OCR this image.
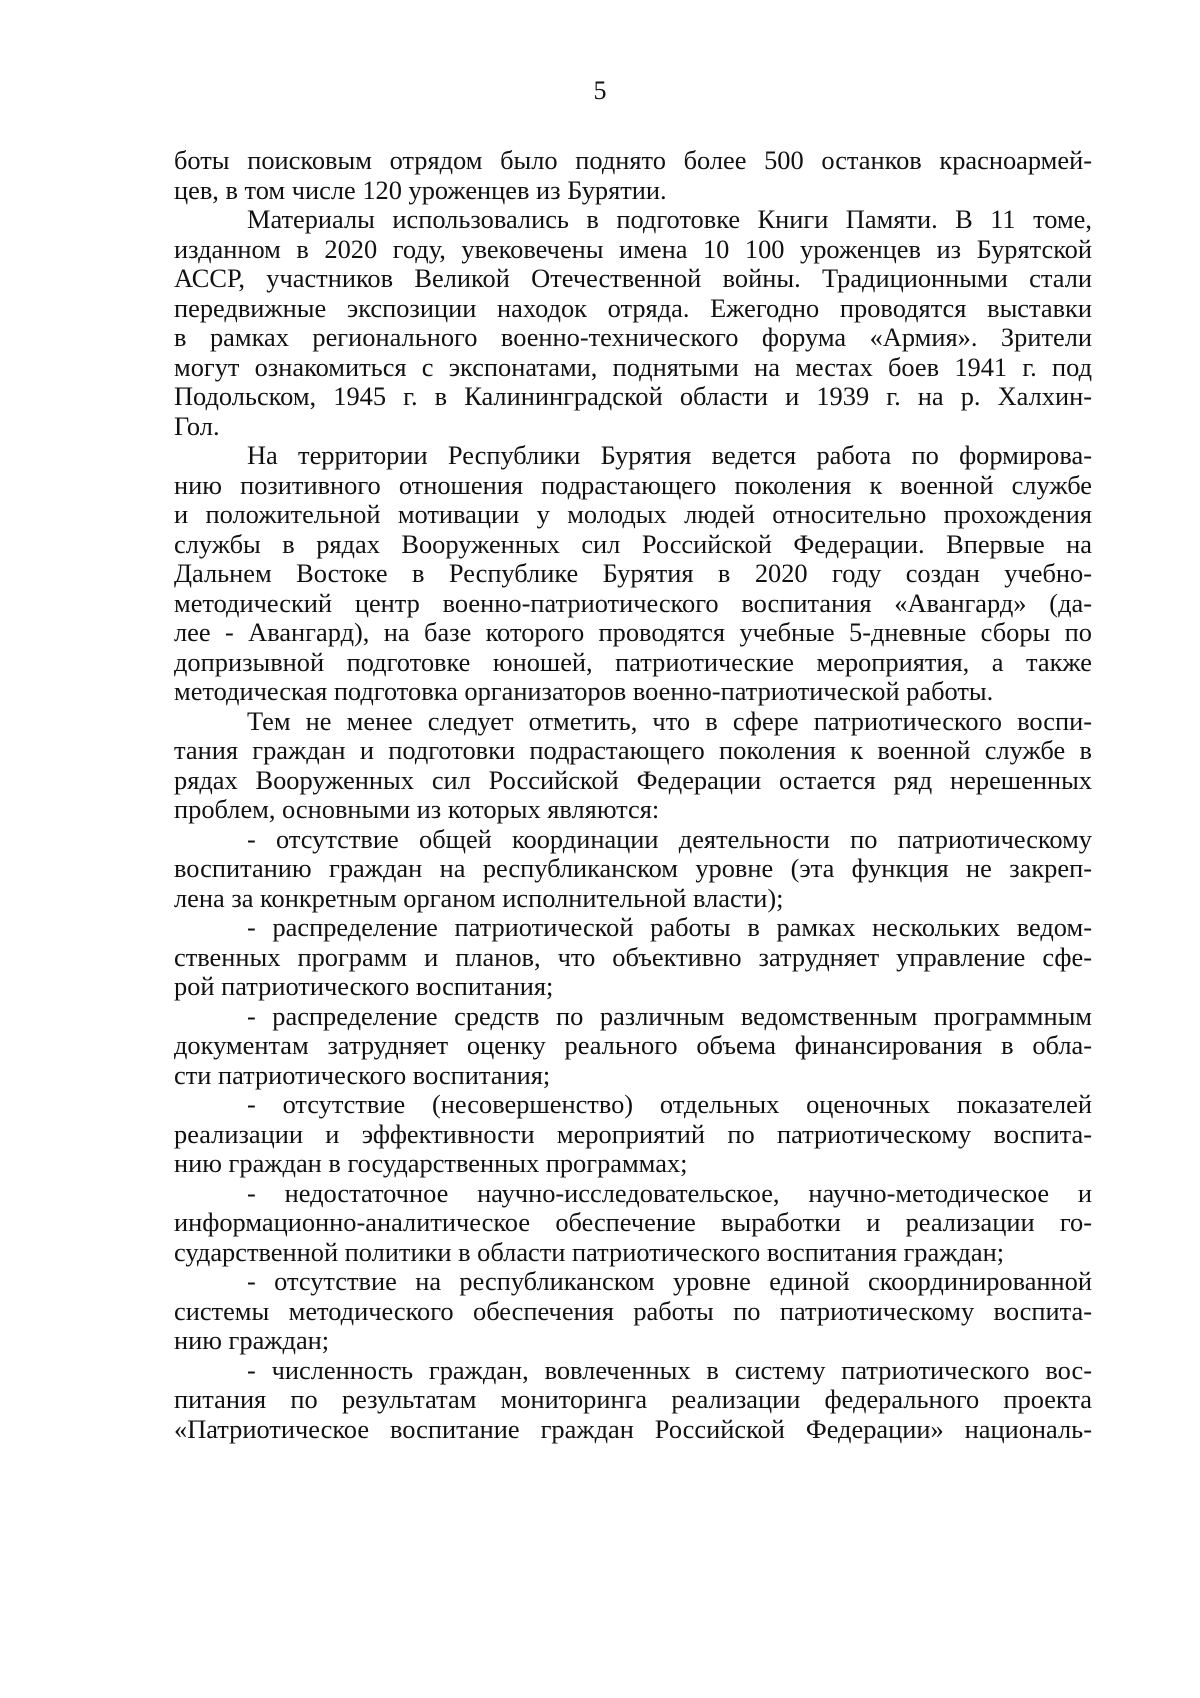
5
боты поисковым отрядом было поднято более 500 останков красноармей-
цев, в том числе 120 уроженцев из Бурятии.
Материалы использовались в подготовке Книги Памяти. В 11 томе,
изданном в 2020 году, увековечены имена 10 100 уроженцев из Бурятской
АССР, участников Великой Отечественной войны. Традиционными стали
передвижные экспозиции находок отряда. Ежегодно проводятся выставки
в рамках регионального военно-технического форума «Армия». Зрители
могут ознакомиться с экспонатами, поднятыми на местах боев 1941 г. под
Подольском, 1945 г. в Калининградской области и 1939 г. на р. Халхин-
Гол.
На территории Республики Бурятия ведется работа по формирова-
нию позитивного отношения подрастающего поколения к военной службе
и положительной мотивации у молодых людей относительно прохождения
службы в рядах Вооруженных сил Российской Федерации. Впервые на
Дальнем Востоке в Республике Бурятия в 2020 году создан учебно-
методический центр военно-патриотического воспитания «Авангард» (да-
лее - Авангард), на базе которого проводятся учебные 5-дневные сборы по
допризывной подготовке юношей, патриотические мероприятия, а также
методическая подготовка организаторов военно-патриотической работы.
Тем не менее следует отметить, что в сфере патриотического воспи-
тания граждан и подготовки подрастающего поколения к военной службе в
рядах Вооруженных сил Российской Федерации остается ряд нерешенных
проблем, основными из которых являются:
- отсутствие общей координации деятельности по патриотическому
воспитанию граждан на республиканском уровне (эта функция не закреп-
лена за конкретным органом исполнительной власти);
- распределение патриотической работы в рамках нескольких ведом-
ственных программ и планов, что объективно затрудняет управление сфе-
рой патриотического воспитания;
- распределение средств по различным ведомственным программным
документам затрудняет оценку реального объема финансирования в обла-
сти патриотического воспитания;
- отсутствие (несовершенство) отдельных оценочных показателей
реализации и эффективности мероприятий по патриотическому воспита-
нию граждан в государственных программах;
- недостаточное научно-исследовательское, научно-методическое и
информационно-аналитическое обеспечение выработки и реализации го-
сударственной политики в области патриотического воспитания граждан;
- отсутствие на республиканском уровне единой скоординированной
системы методического обеспечения работы по патриотическому воспита-
нию граждан;
- численность граждан, вовлеченных в систему патриотического вос-
питания по результатам мониторинга реализации федерального проекта
«Патриотическое воспитание граждан Российской Федерации» националь-
